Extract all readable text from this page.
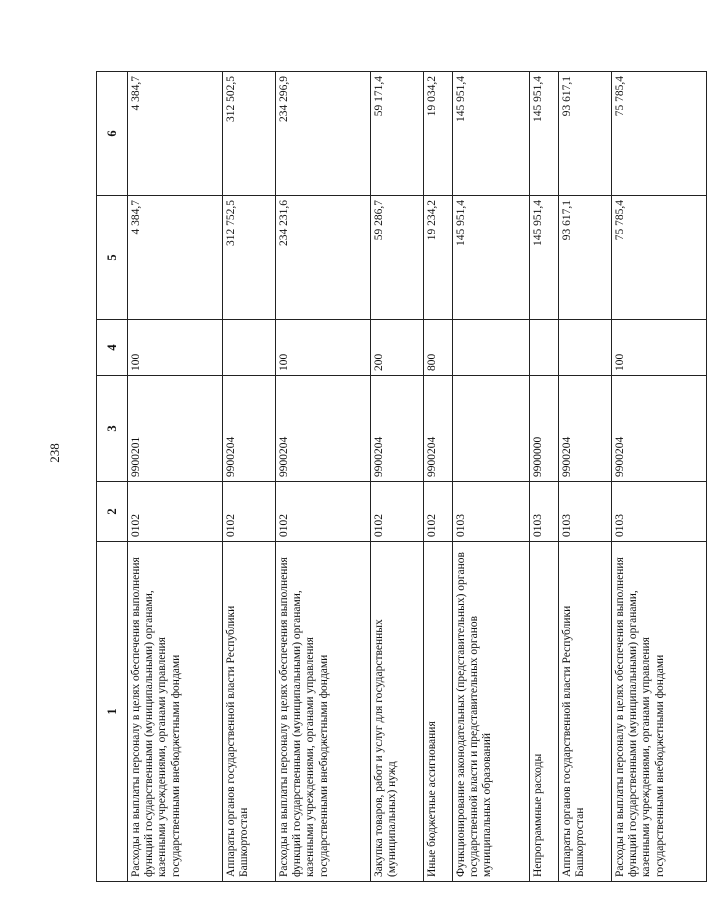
238
1	2	3	4	5	6
Расходы на выплаты персоналу в целях обеспечения выполнения функций государственными (муниципальными) органами, казенными учреждениями, органами управления государственными внебюджетными фондами	0102	9900201	100	4 384,7	4 384,7
Аппараты органов государственной власти Республики Башкортостан	0102	9900204		312 752,5	312 502,5
Расходы на выплаты персоналу в целях обеспечения выполнения функций государственными (муниципальными) органами, казенными учреждениями, органами управления государственными внебюджетными фондами	0102	9900204	100	234 231,6	234 296,9
Закупка товаров, работ и услуг для государственных (муниципальных) нужд	0102	9900204	200	59 286,7	59 171,4
Иные бюджетные ассигнования	0102	9900204	800	19 234,2	19 034,2
Функционирование законодательных (представительных) органов государственной власти и представительных органов муниципальных образований	0103			145 951,4	145 951,4
Непрограммные расходы	0103	9900000		145 951,4	145 951,4
Аппараты органов государственной власти Республики Башкортостан	0103	9900204		93 617,1	93 617,1
Расходы на выплаты персоналу в целях обеспечения выполнения функций государственными (муниципальными) органами, казенными учреждениями, органами управления государственными внебюджетными фондами	0103	9900204	100	75 785,4	75 785,4
